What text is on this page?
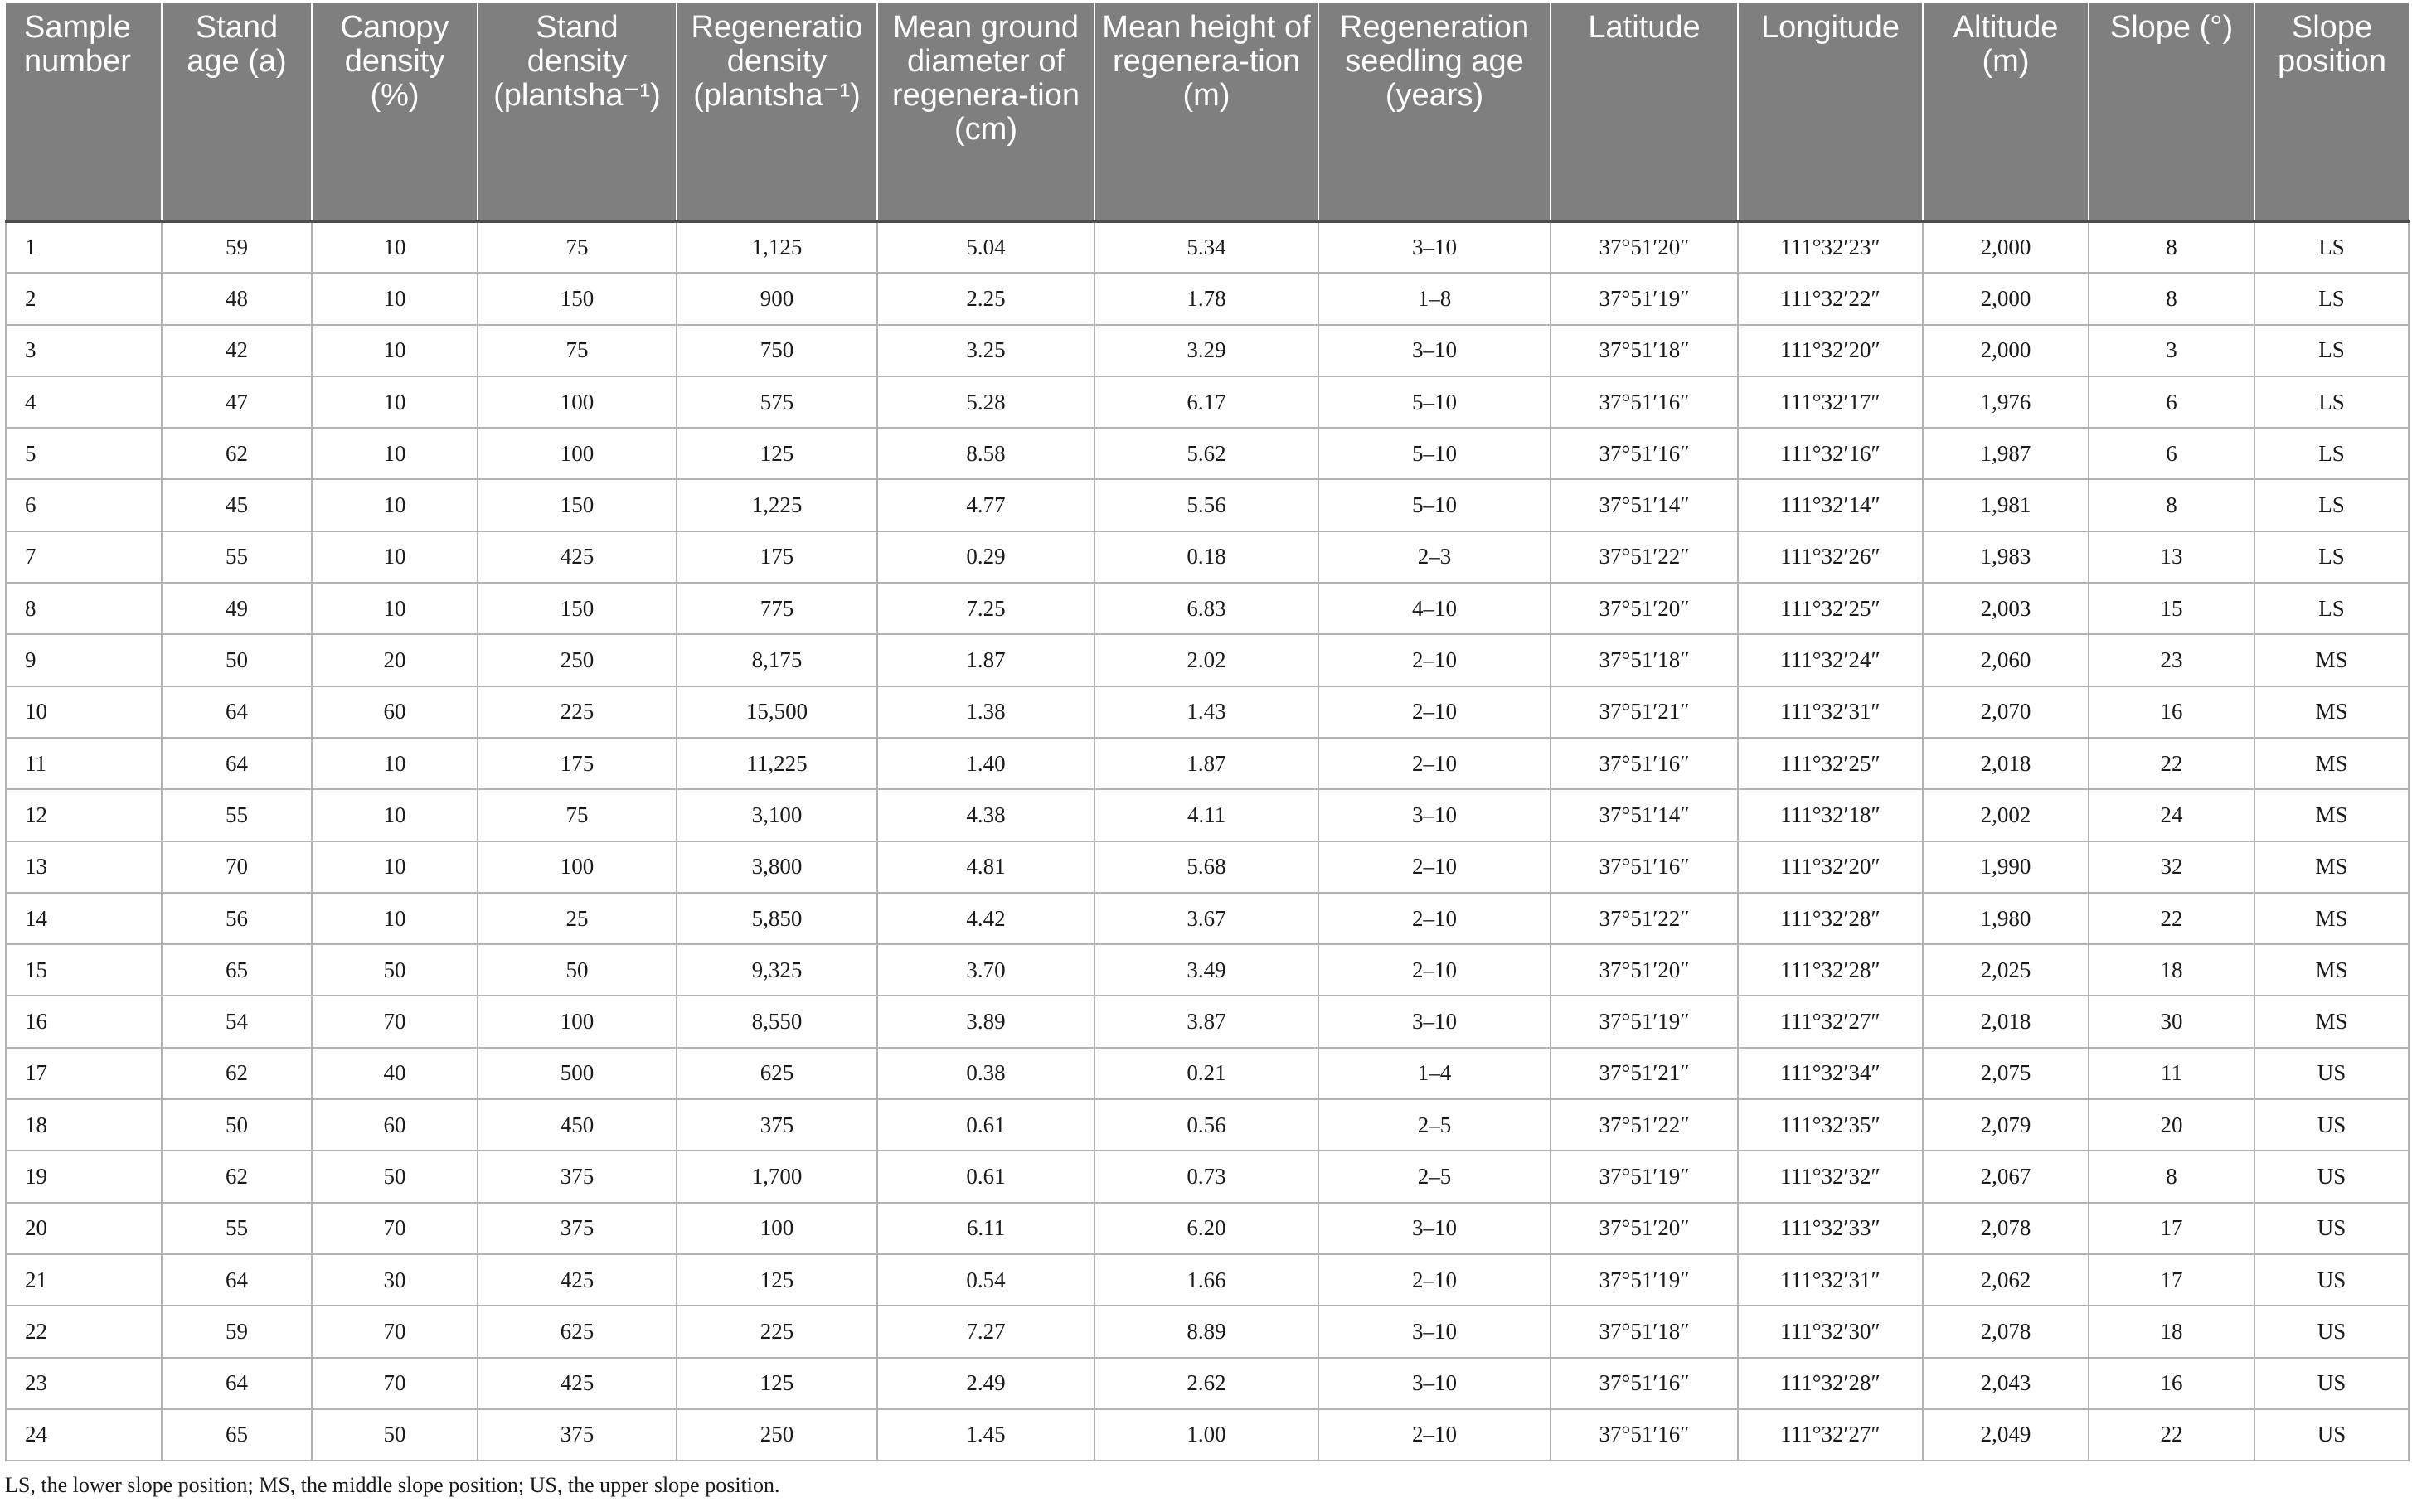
Sample number	Stand age (a)	Canopy density (%)	Stand density (plantsha⁻¹)	Regeneratio density (plantsha⁻¹)	Mean ground diameter of regenera-tion (cm)	Mean height of regenera-tion (m)	Regeneration seedling age (years)	Latitude	Longitude	Altitude (m)	Slope (°)	Slope position
1	59	10	75	1,125	5.04	5.34	3–10	37°51′20″	111°32′23″	2,000	8	LS
2	48	10	150	900	2.25	1.78	1–8	37°51′19″	111°32′22″	2,000	8	LS
3	42	10	75	750	3.25	3.29	3–10	37°51′18″	111°32′20″	2,000	3	LS
4	47	10	100	575	5.28	6.17	5–10	37°51′16″	111°32′17″	1,976	6	LS
5	62	10	100	125	8.58	5.62	5–10	37°51′16″	111°32′16″	1,987	6	LS
6	45	10	150	1,225	4.77	5.56	5–10	37°51′14″	111°32′14″	1,981	8	LS
7	55	10	425	175	0.29	0.18	2–3	37°51′22″	111°32′26″	1,983	13	LS
8	49	10	150	775	7.25	6.83	4–10	37°51′20″	111°32′25″	2,003	15	LS
9	50	20	250	8,175	1.87	2.02	2–10	37°51′18″	111°32′24″	2,060	23	MS
10	64	60	225	15,500	1.38	1.43	2–10	37°51′21″	111°32′31″	2,070	16	MS
11	64	10	175	11,225	1.40	1.87	2–10	37°51′16″	111°32′25″	2,018	22	MS
12	55	10	75	3,100	4.38	4.11	3–10	37°51′14″	111°32′18″	2,002	24	MS
13	70	10	100	3,800	4.81	5.68	2–10	37°51′16″	111°32′20″	1,990	32	MS
14	56	10	25	5,850	4.42	3.67	2–10	37°51′22″	111°32′28″	1,980	22	MS
15	65	50	50	9,325	3.70	3.49	2–10	37°51′20″	111°32′28″	2,025	18	MS
16	54	70	100	8,550	3.89	3.87	3–10	37°51′19″	111°32′27″	2,018	30	MS
17	62	40	500	625	0.38	0.21	1–4	37°51′21″	111°32′34″	2,075	11	US
18	50	60	450	375	0.61	0.56	2–5	37°51′22″	111°32′35″	2,079	20	US
19	62	50	375	1,700	0.61	0.73	2–5	37°51′19″	111°32′32″	2,067	8	US
20	55	70	375	100	6.11	6.20	3–10	37°51′20″	111°32′33″	2,078	17	US
21	64	30	425	125	0.54	1.66	2–10	37°51′19″	111°32′31″	2,062	17	US
22	59	70	625	225	7.27	8.89	3–10	37°51′18″	111°32′30″	2,078	18	US
23	64	70	425	125	2.49	2.62	3–10	37°51′16″	111°32′28″	2,043	16	US
24	65	50	375	250	1.45	1.00	2–10	37°51′16″	111°32′27″	2,049	22	US
LS, the lower slope position; MS, the middle slope position; US, the upper slope position.
